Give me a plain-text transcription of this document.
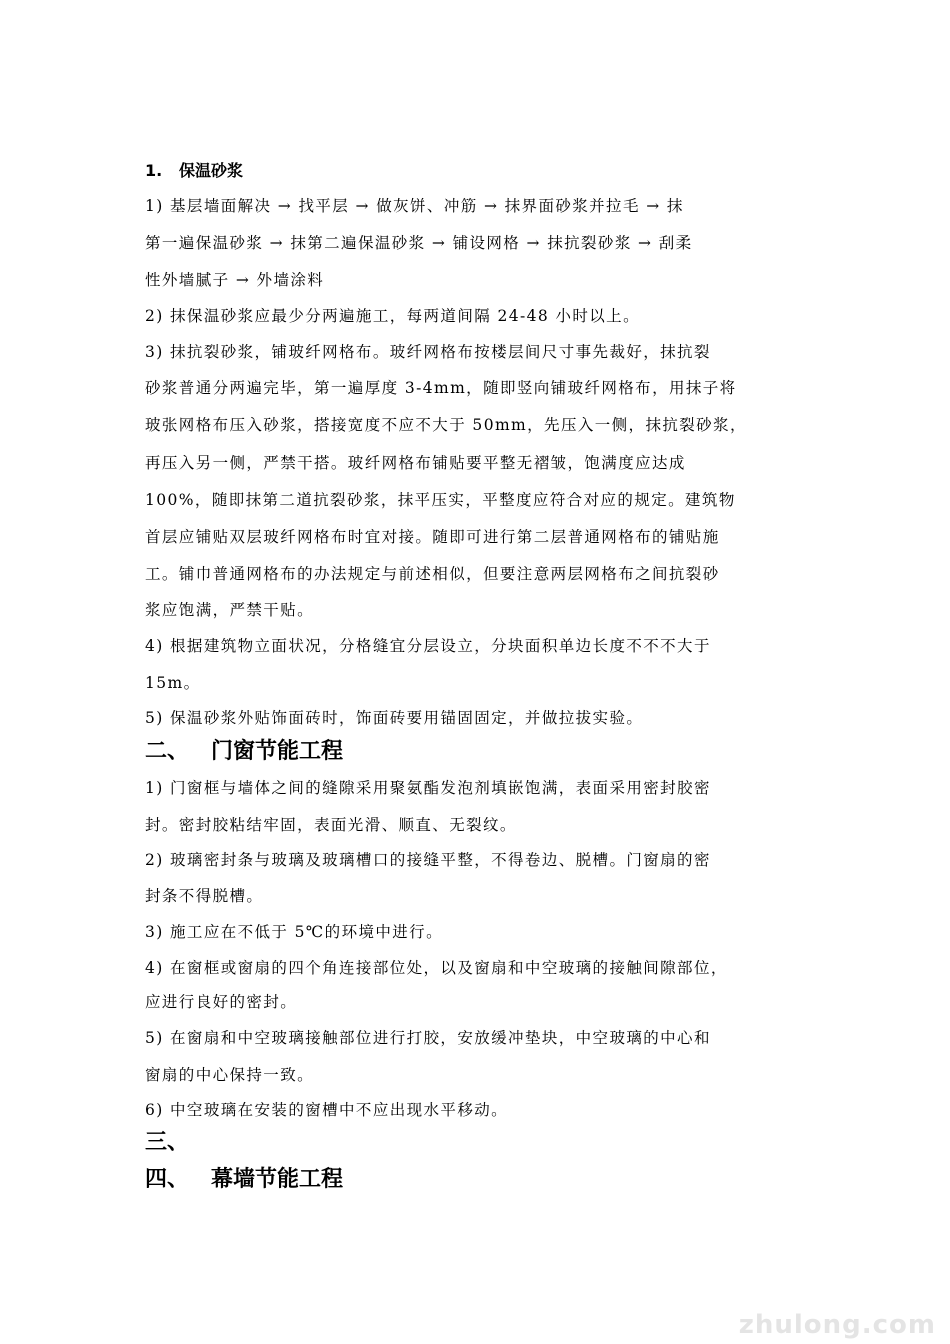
1. 保温砂浆
1) 基层墙面解决 → 找平层 → 做灰饼、冲筋 → 抹界面砂浆并拉毛 → 抹
第一遍保温砂浆 → 抹第二遍保温砂浆 → 铺设网格 → 抹抗裂砂浆 → 刮柔
性外墙腻子 → 外墙涂料
2) 抹保温砂浆应最少分两遍施工，每两道间隔 24-48 小时以上。
3) 抹抗裂砂浆，铺玻纤网格布。玻纤网格布按楼层间尺寸事先裁好，抹抗裂
砂浆普通分两遍完毕，第一遍厚度 3-4mm，随即竖向铺玻纤网格布，用抹子将
玻张网格布压入砂浆，搭接宽度不应不大于 50mm，先压入一侧，抹抗裂砂浆，
再压入另一侧，严禁干搭。玻纤网格布铺贴要平整无褶皱，饱满度应达成
100%，随即抹第二道抗裂砂浆，抹平压实，平整度应符合对应的规定。建筑物
首层应铺贴双层玻纤网格布时宜对接。随即可进行第二层普通网格布的铺贴施
工。铺巾普通网格布的办法规定与前述相似，但要注意两层网格布之间抗裂砂
浆应饱满，严禁干贴。
4) 根据建筑物立面状况，分格缝宜分层设立，分块面积单边长度不不不大于
15m。
5) 保温砂浆外贴饰面砖时，饰面砖要用锚固固定，并做拉拔实验。
二、 门窗节能工程
1) 门窗框与墙体之间的缝隙采用聚氨酯发泡剂填嵌饱满，表面采用密封胶密
封。密封胶粘结牢固，表面光滑、顺直、无裂纹。
2) 玻璃密封条与玻璃及玻璃槽口的接缝平整，不得卷边、脱槽。门窗扇的密
封条不得脱槽。
3) 施工应在不低于 5℃的环境中进行。
4) 在窗框或窗扇的四个角连接部位处，以及窗扇和中空玻璃的接触间隙部位，
应进行良好的密封。
5) 在窗扇和中空玻璃接触部位进行打胶，安放缓冲垫块，中空玻璃的中心和
窗扇的中心保持一致。
6) 中空玻璃在安装的窗槽中不应出现水平移动。
三、
四、 幕墙节能工程
zhulong.com
